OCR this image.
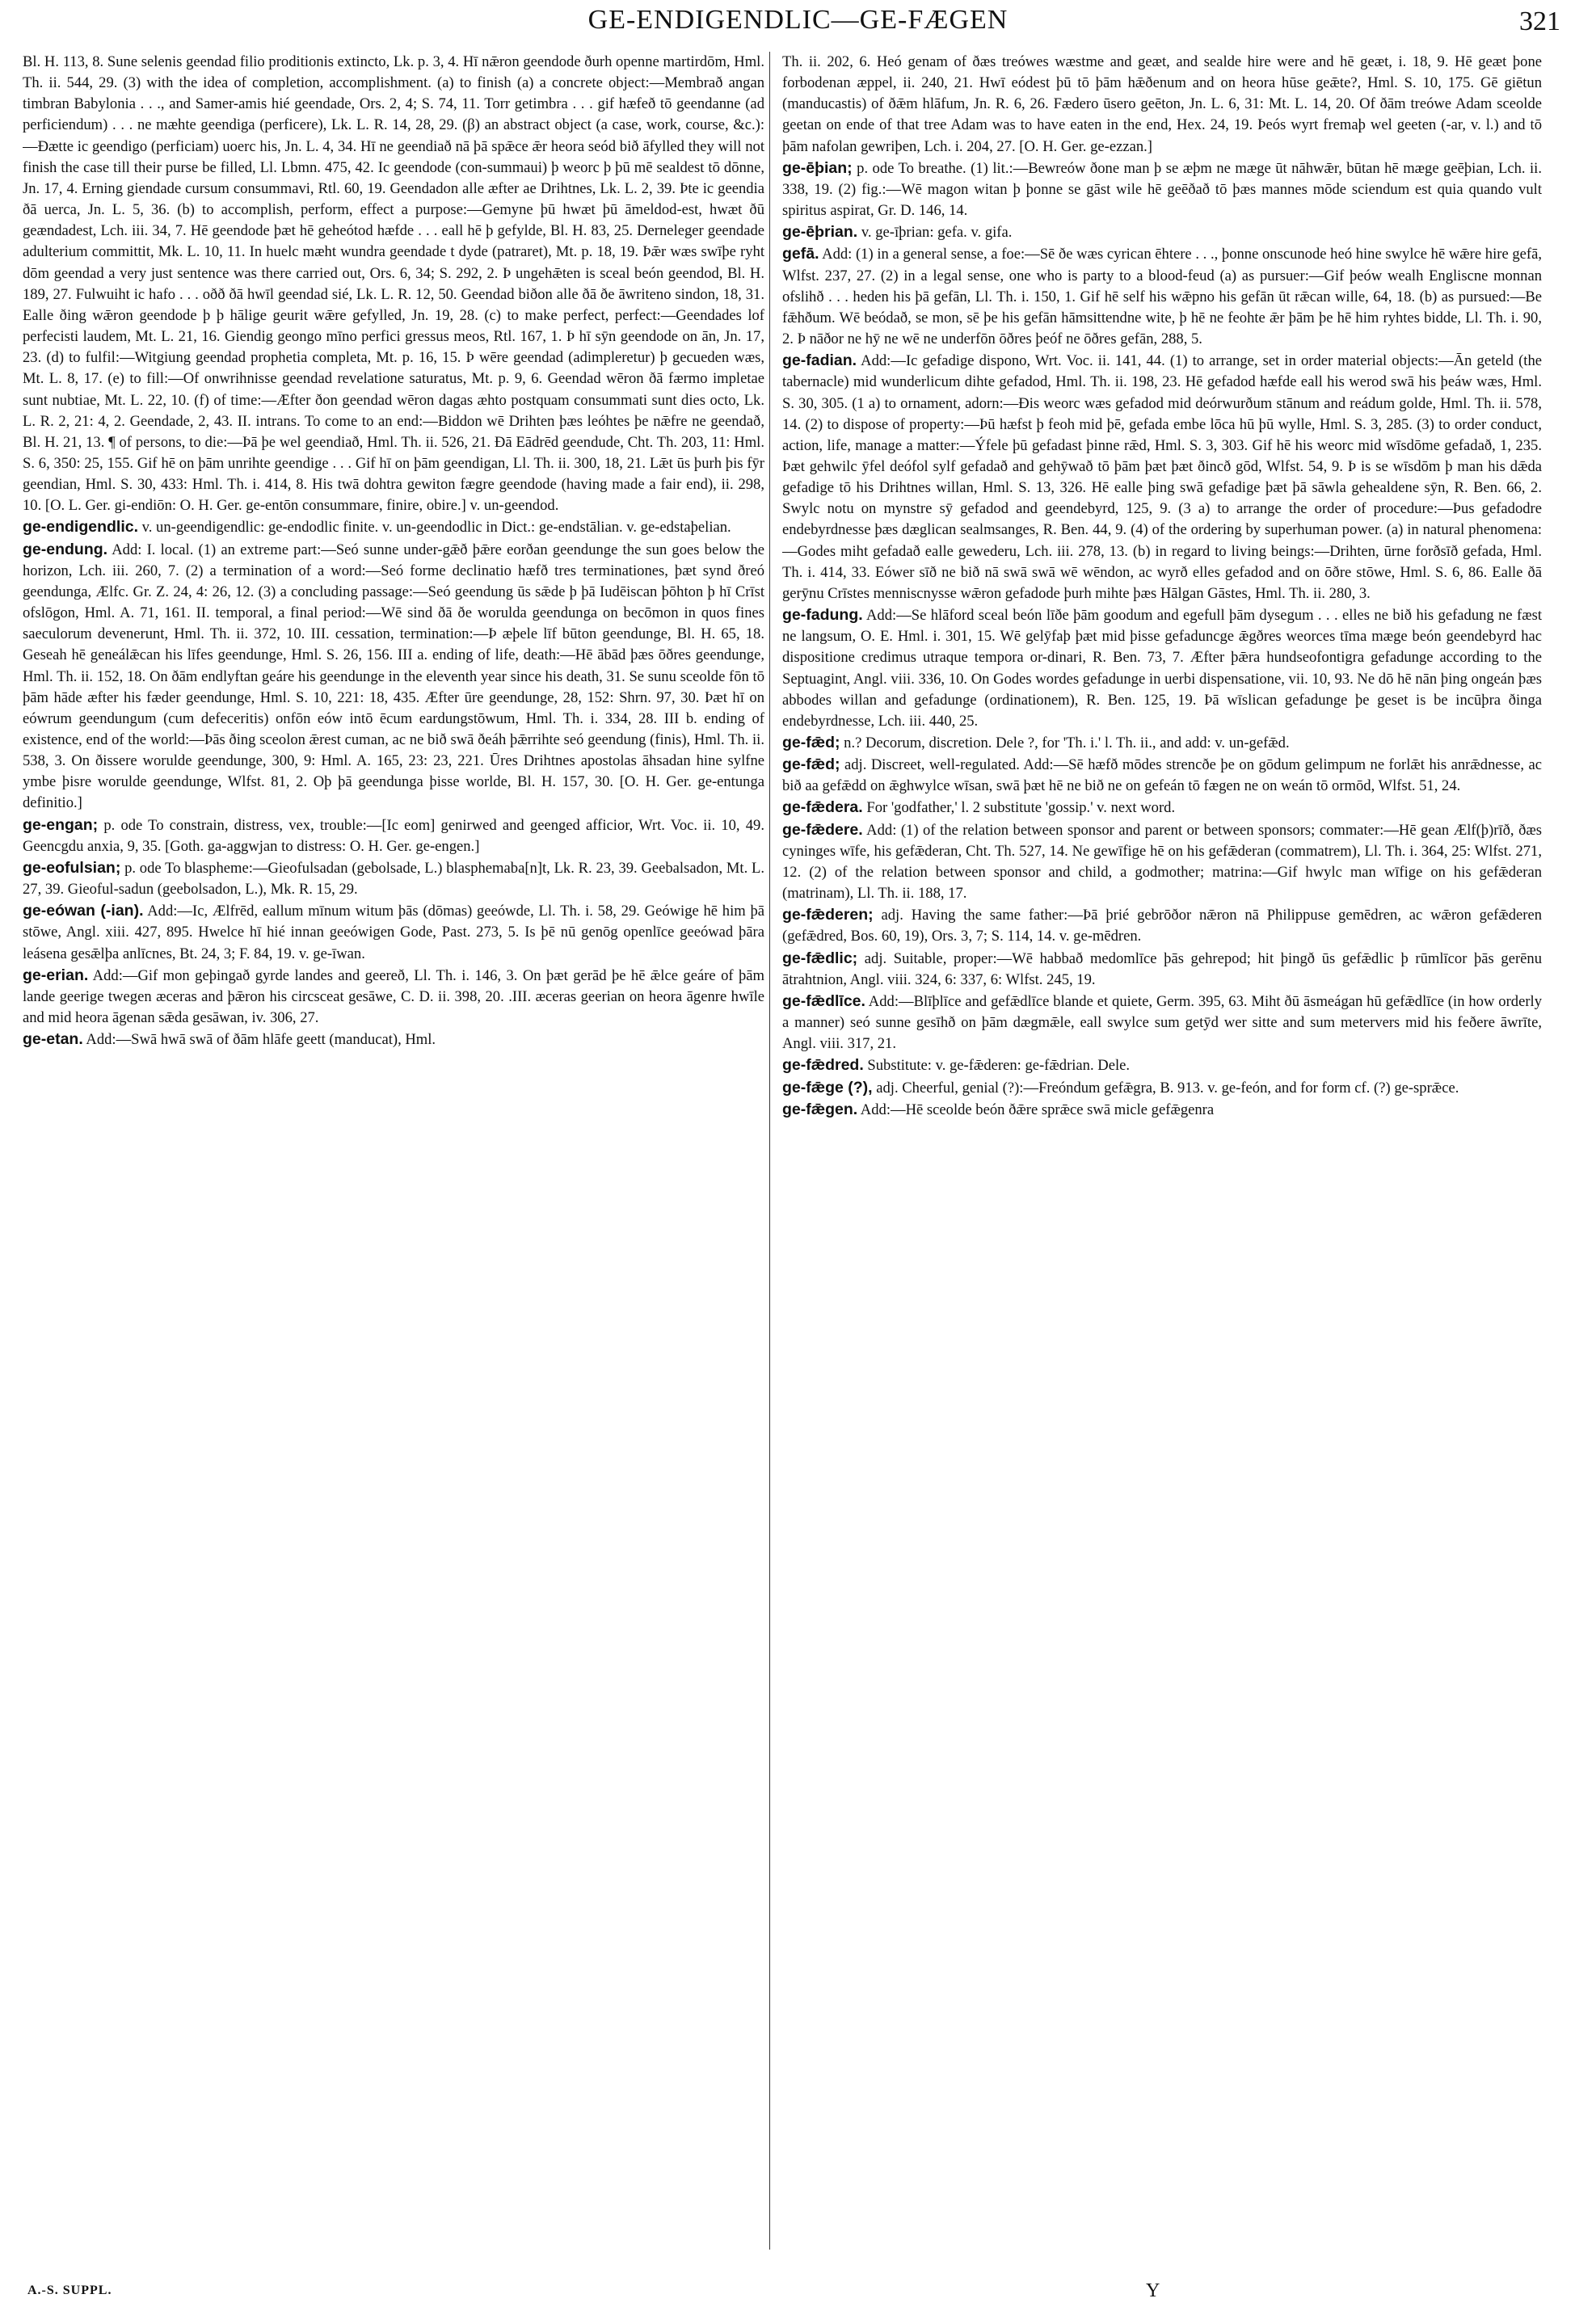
GE-ENDIGENDLIC—GE-FÆGEN	321

Bl. H. 113, 8. Sune selenis geendad filio proditionis extincto, Lk. p. 3, 4. Hī nǣron geendode ðurh openne martirdōm, Hml. Th. ii. 544, 29. (3) with the idea of completion, accomplishment. (a) to finish (a) a concrete object:—Membrað angan timbran Babylonia . . ., and Samer-amis hié geendade, Ors. 2, 4; S. 74, 11. Torr getimbra . . . gif hæfeð tō geendanne (ad perficiendum) . . . ne mæhte geendiga (perficere), Lk. L. R. 14, 28, 29. (β) an abstract object (a case, work, course, &c.): —Ðætte ic geendigo (perficiam) uoerc his, Jn. L. 4, 34. Hī ne geendiað nā þā spǣce ǣr heora seód bið āfylled they will not finish the case till their purse be filled, Ll. Lbmn. 475, 42. Ic geendode (con-summaui) þ weorc þ þū mē sealdest tō dōnne, Jn. 17, 4. Erning giendade cursum consummavi, Rtl. 60, 19. Geendadon alle æfter ae Drihtnes, Lk. L. 2, 39. Þte ic geendia ðā uerca, Jn. L. 5, 36. (b) to accomplish, perform, effect a purpose:—Gemyne þū hwæt þū āmeldod-est, hwæt ðū geændadest, Lch. iii. 34, 7. Hē geendode þæt hē geheótod hæfde . . . eall hē þ gefylde, Bl. H. 83, 25. Derneleger geendade adulterium committit, Mk. L. 10, 11. In huelc mæht wundra geendade t dyde (patraret), Mt. p. 18, 19. Þǣr wæs swīþe ryht dōm geendad a very just sentence was there carried out, Ors. 6, 34; S. 292, 2. Þ ungehǣten is sceal beón geendod, Bl. H. 189, 27. Fulwuiht ic hafo . . . oðð ðā hwīl geendad sié, Lk. L. R. 12, 50. Geendad biðon alle ðā ðe āwriteno sindon, 18, 31. Ealle ðing wǣron geendode þ þ hālige geurit wǣre gefylled, Jn. 19, 28. (c) to make perfect, perfect:—Geendades lof perfecisti laudem, Mt. L. 21, 16. Giendig geongo mīno perfici gressus meos, Rtl. 167, 1. Þ hī sȳn geendode on ān, Jn. 17, 23. (d) to fulfil:—Witgiung geendad prophetia completa, Mt. p. 16, 15. Þ wēre geendad (adimpleretur) þ gecueden wæs, Mt. L. 8, 17. (e) to fill:—Of onwrihnisse geendad revelatione saturatus, Mt. p. 9, 6. Geendad wēron ðā færmo impletae sunt nubtiae, Mt. L. 22, 10. (f) of time:—Æfter ðon geendad wēron dagas æhto postquam consummati sunt dies octo, Lk. L. R. 2, 21: 4, 2. Geendade, 2, 43. II. intrans. To come to an end:—Biddon wē Drihten þæs leóhtes þe nǣfre ne geendað, Bl. H. 21, 13. ¶ of persons, to die:—Þā þe wel geendiað, Hml. Th. ii. 526, 21. Ðā Eādrēd geendude, Cht. Th. 203, 11: Hml. S. 6, 350: 25, 155. Gif hē on þām unrihte geendige . . . Gif hī on þām geendigan, Ll. Th. ii. 300, 18, 21. Lǣt ūs þurh þis fȳr geendian, Hml. S. 30, 433: Hml. Th. i. 414, 8. His twā dohtra gewiton fægre geendode (having made a fair end), ii. 298, 10. [O. L. Ger. gi-endiōn: O. H. Ger. ge-entōn consummare, finire, obire.] v. un-geendod.

ge-endigendlic. v. un-geendigendlic: ge-endodlic finite. v. un-geendodlic in Dict.: ge-endstālian. v. ge-edstaþelian.

ge-endung. Add: I. local. (1) an extreme part:—Seó sunne under-gǣð þǣre eorðan geendunge the sun goes below the horizon, Lch. iii. 260, 7. (2) a termination of a word:—Seó forme declinatio hæfð tres terminationes, þæt synd ðreó geendunga, Ælfc. Gr. Z. 24, 4: 26, 12. (3) a concluding passage:—Seó geendung ūs sǣde þ þā Iudēiscan þōhton þ hī Crīst ofslōgon, Hml. A. 71, 161. II. temporal, a final period:—Wē sind ðā ðe worulda geendunga on becōmon in quos fines saeculorum devenerunt, Hml. Th. ii. 372, 10. III. cessation, termination:—Þ æþele līf būton geendunge, Bl. H. 65, 18. Geseah hē geneálǣcan his līfes geendunge, Hml. S. 26, 156. III a. ending of life, death:—Hē ābād þæs ōðres geendunge, Hml. Th. ii. 152, 18. On ðām endlyftan geáre his geendunge in the eleventh year since his death, 31. Se sunu sceolde fōn tō þām hāde æfter his fæder geendunge, Hml. S. 10, 221: 18, 435. Æfter ūre geendunge, 28, 152: Shrn. 97, 30. Þæt hī on eówrum geendungum (cum defeceritis) onfōn eów intō ēcum eardungstōwum, Hml. Th. i. 334, 28. III b. ending of existence, end of the world:—Þās ðing sceolon ǣrest cuman, ac ne bið swā ðeáh þǣrrihte seó geendung (finis), Hml. Th. ii. 538, 3. On ðissere worulde geendunge, 300, 9: Hml. A. 165, 23: 23, 221. Ūres Drihtnes apostolas āhsadan hine sylfne ymbe þisre worulde geendunge, Wlfst. 81, 2. Oþ þā geendunga þisse worlde, Bl. H. 157, 30. [O. H. Ger. ge-entunga definitio.]

ge-engan; p. ode To constrain, distress, vex, trouble:—[Ic eom] genirwed and geenged afficior, Wrt. Voc. ii. 10, 49. Geencgdu anxia, 9, 35. [Goth. ga-aggwjan to distress: O. H. Ger. ge-engen.]

ge-eofulsian; p. ode To blaspheme:—Gieofulsadan (gebolsade, L.) blasphemaba[n]t, Lk. R. 23, 39. Geebalsadon, Mt. L. 27, 39. Gieoful-sadun (geebolsadon, L.), Mk. R. 15, 29.

ge-eówan (-ian). Add:—Ic, Ælfrēd, eallum mīnum witum þās (dōmas) geeówde, Ll. Th. i. 58, 29. Geówige hē him þā stōwe, Angl. xiii. 427, 895. Hwelce hī hié innan geeówigen Gode, Past. 273, 5. Is þē nū genōg openlīce geeówad þāra leásena gesǣlþa anlīcnes, Bt. 24, 3; F. 84, 19. v. ge-īwan.

ge-erian. Add:—Gif mon geþingað gyrde landes and geereð, Ll. Th. i. 146, 3. On þæt gerād þe hē ǣlce geáre of þām lande geerige twegen æceras and þǣron his circsceat gesāwe, C. D. ii. 398, 20. .III. æceras geerian on heora āgenre hwīle and mid heora āgenan sǣda gesāwan, iv. 306, 27.

ge-etan. Add:—Swā hwā swā of ðām hlāfe geett (manducat), Hml.

Th. ii. 202, 6. Heó genam of ðæs treówes wæstme and geæt, and sealde hire were and hē geæt, i. 18, 9. Hē geæt þone forbodenan æppel, ii. 240, 21. Hwī eódest þū tō þām hǣðenum and on heora hūse geǣte?, Hml. S. 10, 175. Gē giētun (manducastis) of ðǣm hlāfum, Jn. R. 6, 26. Fædero ūsero geēton, Jn. L. 6, 31: Mt. L. 14, 20. Of ðām treówe Adam sceolde geetan on ende of that tree Adam was to have eaten in the end, Hex. 24, 19. Þeós wyrt fremaþ wel geeten (-ar, v. l.) and tō þām nafolan gewriþen, Lch. i. 204, 27. [O. H. Ger. ge-ezzan.]

ge-ēþian; p. ode To breathe. (1) lit.:—Bewreów ðone man þ se æþm ne mæge ūt nāhwǣr, būtan hē mæge geēþian, Lch. ii. 338, 19. (2) fig.:—Wē magon witan þ þonne se gāst wile hē geēðað tō þæs mannes mōde sciendum est quia quando vult spiritus aspirat, Gr. D. 146, 14.

ge-ēþrian. v. ge-īþrian: gefa. v. gifa.

gefā. Add: (1) in a general sense, a foe:—Sē ðe wæs cyrican ēhtere . . ., þonne onscunode heó hine swylce hē wǣre hire gefā, Wlfst. 237, 27. (2) in a legal sense, one who is party to a blood-feud (a) as pursuer:—Gif þeów wealh Engliscne monnan ofslihð . . . heden his þā gefān, Ll. Th. i. 150, 1. Gif hē self his wǣpno his gefān ūt rǣcan wille, 64, 18. (b) as pursued:—Be fǣhðum. Wē beódað, se mon, sē þe his gefān hāmsittendne wite, þ hē ne feohte ǣr þām þe hē him ryhtes bidde, Ll. Th. i. 90, 2. Þ nāðor ne hȳ ne wē ne underfōn ōðres þeóf ne ōðres gefān, 288, 5.

ge-fadian. Add:—Ic gefadige dispono, Wrt. Voc. ii. 141, 44. (1) to arrange, set in order material objects:—Ān geteld (the tabernacle) mid wunderlicum dihte gefadod, Hml. Th. ii. 198, 23. Hē gefadod hæfde eall his werod swā his þeáw wæs, Hml. S. 30, 305. (1 a) to ornament, adorn:—Ðis weorc wæs gefadod mid deórwurðum stānum and reádum golde, Hml. Th. ii. 578, 14. (2) to dispose of property:—Þū hæfst þ feoh mid þē, gefada embe lōca hū þū wylle, Hml. S. 3, 285. (3) to order conduct, action, life, manage a matter:—Ýfele þū gefadast þinne rǣd, Hml. S. 3, 303. Gif hē his weorc mid wīsdōme gefadað, 1, 235. Þæt gehwilc ȳfel deófol sylf gefadað and gehȳwað tō þām þæt þæt ðincð gōd, Wlfst. 54, 9. Þ is se wīsdōm þ man his dǣda gefadige tō his Drihtnes willan, Hml. S. 13, 326. Hē ealle þing swā gefadige þæt þā sāwla gehealdene sȳn, R. Ben. 66, 2. Swylc notu on mynstre sȳ gefadod and geendebyrd, 125, 9. (3 a) to arrange the order of procedure:—Þus gefadodre endebyrdnesse þæs dæglican sealmsanges, R. Ben. 44, 9. (4) of the ordering by superhuman power. (a) in natural phenomena:—Godes miht gefadað ealle gewederu, Lch. iii. 278, 13. (b) in regard to living beings:—Drihten, ūrne forðsīð gefada, Hml. Th. i. 414, 33. Eówer sīð ne bið nā swā swā wē wēndon, ac wyrð elles gefadod and on ōðre stōwe, Hml. S. 6, 86. Ealle ðā gerȳnu Crīstes menniscnysse wǣron gefadode þurh mihte þæs Hālgan Gāstes, Hml. Th. ii. 280, 3.

ge-fadung. Add:—Se hlāford sceal beón līðe þām goodum and egefull þām dysegum . . . elles ne bið his gefadung ne fæst ne langsum, O. E. Hml. i. 301, 15. Wē gelȳfaþ þæt mid þisse gefaduncge ǣgðres weorces tīma mæge beón geendebyrd hac dispositione credimus utraque tempora or-dinari, R. Ben. 73, 7. Æfter þǣra hundseofontigra gefadunge according to the Septuagint, Angl. viii. 336, 10. On Godes wordes gefadunge in uerbi dispensatione, vii. 10, 93. Ne dō hē nān þing ongeán þæs abbodes willan and gefadunge (ordinationem), R. Ben. 125, 19. Þā wīslican gefadunge þe geset is be incūþra ðinga endebyrdnesse, Lch. iii. 440, 25.

ge-fǣd; n.? Decorum, discretion. Dele ?, for 'Th. i.' l. Th. ii., and add: v. un-gefǣd.

ge-fǣd; adj. Discreet, well-regulated. Add:—Sē hæfð mōdes strencðe þe on gōdum gelimpum ne forlǣt his anrǣdnesse, ac bið aa gefǣdd on ǣghwylce wīsan, swā þæt hē ne bið ne on gefeán tō fægen ne on weán tō ormōd, Wlfst. 51, 24.

ge-fǣdera. For 'godfather,' l. 2 substitute 'gossip.' v. next word.

ge-fǣdere. Add: (1) of the relation between sponsor and parent or between sponsors; commater:—Hē gean Ælf(þ)rīð, ðæs cyninges wīfe, his gefǣderan, Cht. Th. 527, 14. Ne gewīfige hē on his gefǣderan (commatrem), Ll. Th. i. 364, 25: Wlfst. 271, 12. (2) of the relation between sponsor and child, a godmother; matrina:—Gif hwylc man wīfige on his gefǣderan (matrinam), Ll. Th. ii. 188, 17.

ge-fǣderen; adj. Having the same father:—Þā þrié gebrōðor nǣron nā Philippuse gemēdren, ac wǣron gefǣderen (gefǣdred, Bos. 60, 19), Ors. 3, 7; S. 114, 14. v. ge-mēdren.

ge-fǣdlic; adj. Suitable, proper:—Wē habbað medomlīce þās gehrepod; hit þingð ūs gefǣdlic þ rūmlīcor þās gerēnu ātrahtnion, Angl. viii. 324, 6: 337, 6: Wlfst. 245, 19.

ge-fǣdlīce. Add:—Blīþlīce and gefǣdlīce blande et quiete, Germ. 395, 63. Miht ðū āsmeágan hū gefǣdlīce (in how orderly a manner) seó sunne gesīhð on þām dægmǣle, eall swylce sum getȳd wer sitte and sum metervers mid his feðere āwrīte, Angl. viii. 317, 21.

ge-fǣdred. Substitute: v. ge-fǣderen: ge-fǣdrian. Dele.

ge-fǣge (?), adj. Cheerful, genial (?):—Freóndum gefǣgra, B. 913. v. ge-feón, and for form cf. (?) ge-sprǣce.

ge-fǣgen. Add:—Hē sceolde beón ðǣre sprǣce swā micle gefǣgenra

A.-S. SUPPL.	Y
